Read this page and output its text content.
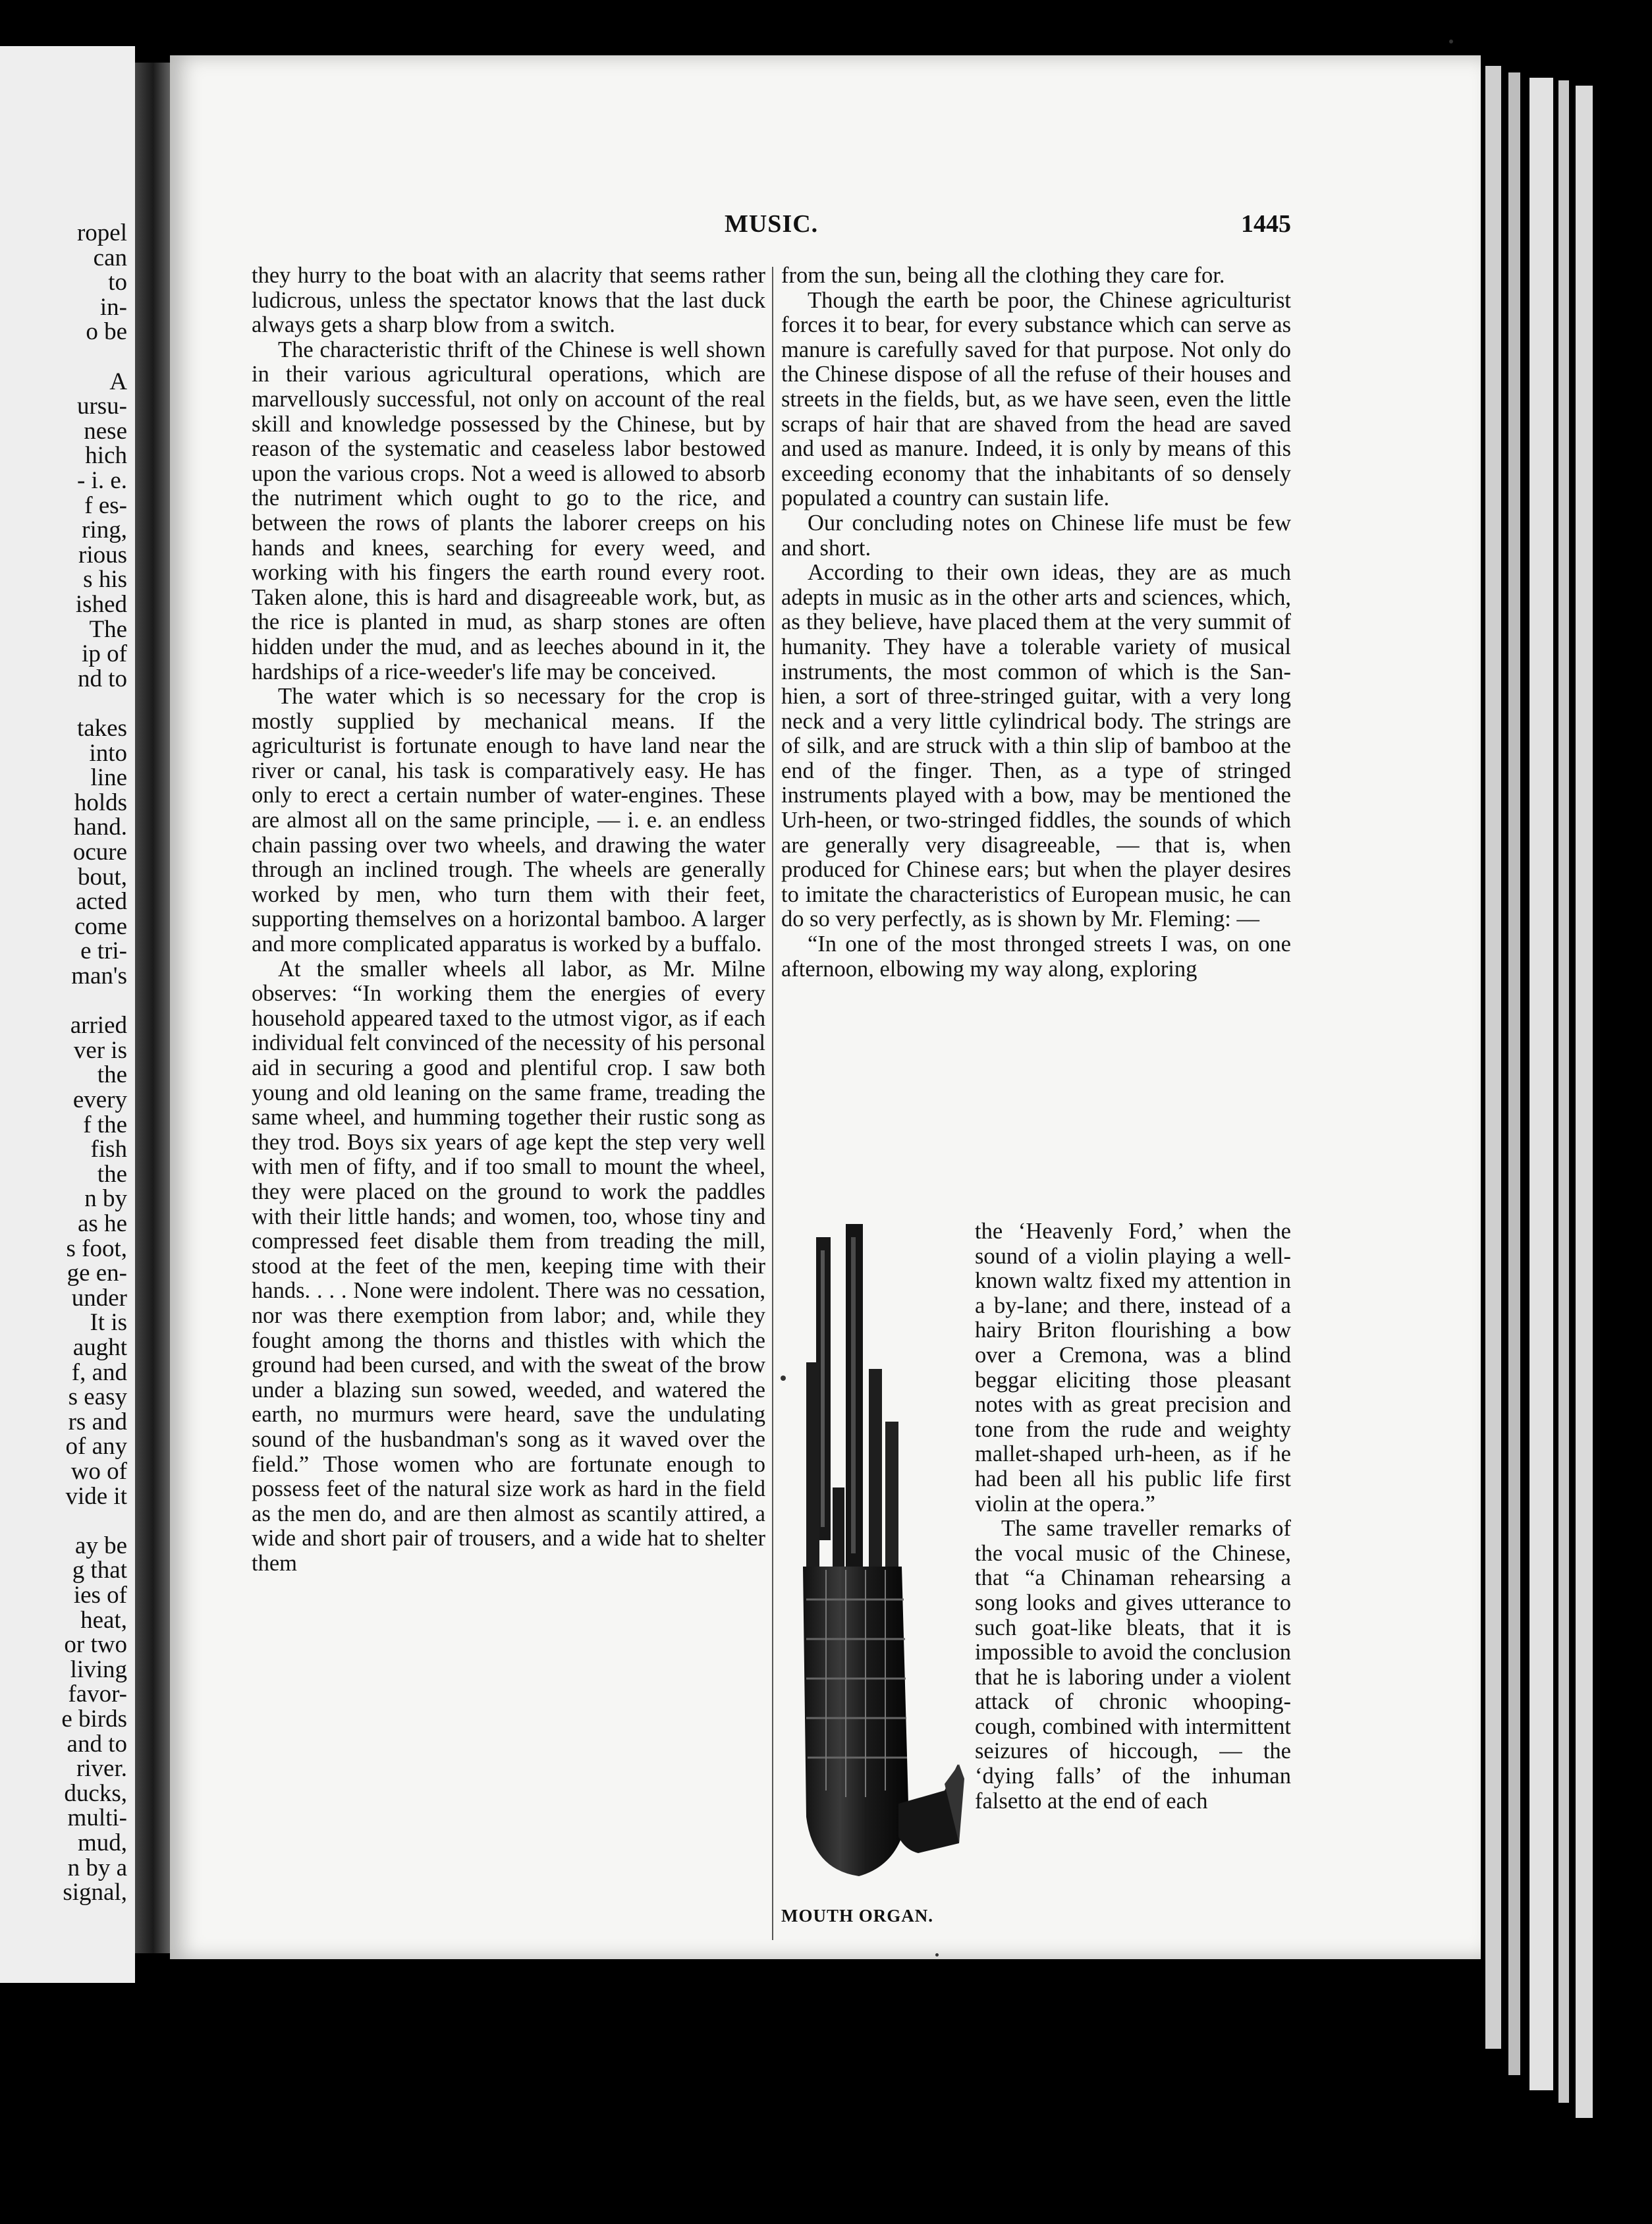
ropel
can
to
in-
o be
A
ursu-
nese
hich
- i. e.
f es-
ring,
rious
s his
ished
The
ip of
nd to
takes
into
line
holds
hand.
ocure
bout,
acted
come
e tri-
man's
arried
ver is
the
every
f the
fish
the
n by
as he
s foot,
ge en-
under
It is
aught
f, and
s easy
rs and
of any
wo of
vide it
ay be
g that
ies of
heat,
or two
living
favor-
e birds
and to
river.
ducks,
multi-
mud,
n by a
signal,
MUSIC.	1445

they hurry to the boat with an alacrity that seems rather ludicrous, unless the spectator knows that the last duck always gets a sharp blow from a switch.

The characteristic thrift of the Chinese is well shown in their various agricultural operations, which are marvellously successful, not only on account of the real skill and knowledge possessed by the Chinese, but by reason of the systematic and ceaseless labor bestowed upon the various crops. Not a weed is allowed to absorb the nutriment which ought to go to the rice, and between the rows of plants the laborer creeps on his hands and knees, searching for every weed, and working with his fingers the earth round every root. Taken alone, this is hard and disagreeable work, but, as the rice is planted in mud, as sharp stones are often hidden under the mud, and as leeches abound in it, the hardships of a rice-weeder's life may be conceived.

The water which is so necessary for the crop is mostly supplied by mechanical means. If the agriculturist is fortunate enough to have land near the river or canal, his task is comparatively easy. He has only to erect a certain number of water-engines. These are almost all on the same principle, — i. e. an endless chain passing over two wheels, and drawing the water through an inclined trough. The wheels are generally worked by men, who turn them with their feet, supporting themselves on a horizontal bamboo. A larger and more complicated apparatus is worked by a buffalo.

At the smaller wheels all labor, as Mr. Milne observes: “In working them the energies of every household appeared taxed to the utmost vigor, as if each individual felt convinced of the necessity of his personal aid in securing a good and plentiful crop. I saw both young and old leaning on the same frame, treading the same wheel, and humming together their rustic song as they trod. Boys six years of age kept the step very well with men of fifty, and if too small to mount the wheel, they were placed on the ground to work the paddles with their little hands; and women, too, whose tiny and compressed feet disable them from treading the mill, stood at the feet of the men, keeping time with their hands. . . . None were indolent. There was no cessation, nor was there exemption from labor; and, while they fought among the thorns and thistles with which the ground had been cursed, and with the sweat of the brow under a blazing sun sowed, weeded, and watered the earth, no murmurs were heard, save the undulating sound of the husbandman's song as it waved over the field.” Those women who are fortunate enough to possess feet of the natural size work as hard in the field as the men do, and are then almost as scantily attired, a wide and short pair of trousers, and a wide hat to shelter them

from the sun, being all the clothing they care for.

Though the earth be poor, the Chinese agriculturist forces it to bear, for every substance which can serve as manure is carefully saved for that purpose. Not only do the Chinese dispose of all the refuse of their houses and streets in the fields, but, as we have seen, even the little scraps of hair that are shaved from the head are saved and used as manure. Indeed, it is only by means of this exceeding economy that the inhabitants of so densely populated a country can sustain life.

Our concluding notes on Chinese life must be few and short.

According to their own ideas, they are as much adepts in music as in the other arts and sciences, which, as they believe, have placed them at the very summit of humanity. They have a tolerable variety of musical instruments, the most common of which is the San-hien, a sort of three-stringed guitar, with a very long neck and a very little cylindrical body. The strings are of silk, and are struck with a thin slip of bamboo at the end of the finger. Then, as a type of stringed instruments played with a bow, may be mentioned the Urh-heen, or two-stringed fiddles, the sounds of which are generally very disagreeable, — that is, when produced for Chinese ears; but when the player desires to imitate the characteristics of European music, he can do so very perfectly, as is shown by Mr. Fleming: —

“In one of the most thronged streets I was, on one afternoon, elbowing my way along, exploring

MOUTH ORGAN.

the ‘Heavenly Ford,’ when the sound of a violin playing a well-known waltz fixed my attention in a by-lane; and there, instead of a hairy Briton flourishing a bow over a Cremona, was a blind beggar eliciting those pleasant notes with as great precision and tone from the rude and weighty mallet-shaped urh-heen, as if he had been all his public life first violin at the opera.”

The same traveller remarks of the vocal music of the Chinese, that “a Chinaman rehearsing a song looks and gives utterance to such goat-like bleats, that it is impossible to avoid the conclusion that he is laboring under a violent attack of chronic whooping-cough, combined with intermittent seizures of hiccough, — the ‘dying falls’ of the inhuman falsetto at the end of each
